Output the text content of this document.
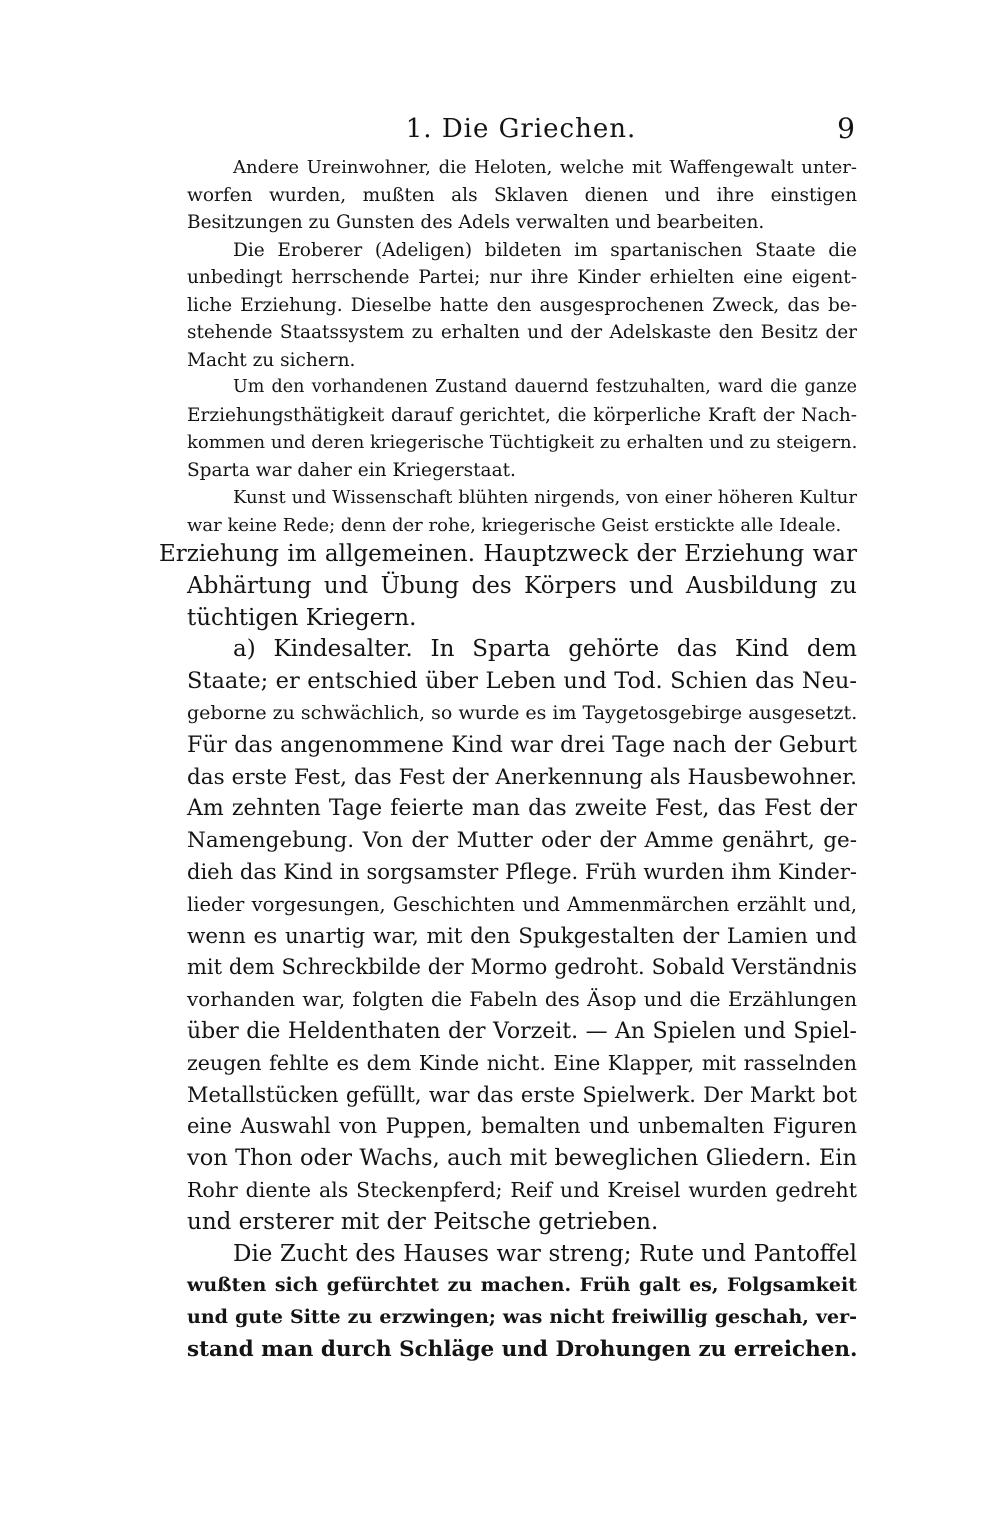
1. Die Griechen.	9
Andere Ureinwohner, die Heloten, welche mit Waffengewalt unter-
worfen wurden, mußten als Sklaven dienen und ihre einstigen
Besitzungen zu Gunsten des Adels verwalten und bearbeiten.
Die Eroberer (Adeligen) bildeten im spartanischen Staate die
unbedingt herrschende Partei; nur ihre Kinder erhielten eine eigent-
liche Erziehung. Dieselbe hatte den ausgesprochenen Zweck, das be-
stehende Staatssystem zu erhalten und der Adelskaste den Besitz der
Macht zu sichern.
Um den vorhandenen Zustand dauernd festzuhalten, ward die ganze
Erziehungsthätigkeit darauf gerichtet, die körperliche Kraft der Nach-
kommen und deren kriegerische Tüchtigkeit zu erhalten und zu steigern.
Sparta war daher ein Kriegerstaat.
Kunst und Wissenschaft blühten nirgends, von einer höheren Kultur
war keine Rede; denn der rohe, kriegerische Geist erstickte alle Ideale.
Erziehung im allgemeinen. Hauptzweck der Erziehung war
Abhärtung und Übung des Körpers und Ausbildung zu
tüchtigen Kriegern.
a) Kindesalter. In Sparta gehörte das Kind dem
Staate; er entschied über Leben und Tod. Schien das Neu-
geborne zu schwächlich, so wurde es im Taygetosgebirge ausgesetzt.
Für das angenommene Kind war drei Tage nach der Geburt
das erste Fest, das Fest der Anerkennung als Hausbewohner.
Am zehnten Tage feierte man das zweite Fest, das Fest der
Namengebung. Von der Mutter oder der Amme genährt, ge-
dieh das Kind in sorgsamster Pflege. Früh wurden ihm Kinder-
lieder vorgesungen, Geschichten und Ammenmärchen erzählt und,
wenn es unartig war, mit den Spukgestalten der Lamien und
mit dem Schreckbilde der Mormo gedroht. Sobald Verständnis
vorhanden war, folgten die Fabeln des Äsop und die Erzählungen
über die Heldenthaten der Vorzeit. — An Spielen und Spiel-
zeugen fehlte es dem Kinde nicht. Eine Klapper, mit rasselnden
Metallstücken gefüllt, war das erste Spielwerk. Der Markt bot
eine Auswahl von Puppen, bemalten und unbemalten Figuren
von Thon oder Wachs, auch mit beweglichen Gliedern. Ein
Rohr diente als Steckenpferd; Reif und Kreisel wurden gedreht
und ersterer mit der Peitsche getrieben.
Die Zucht des Hauses war streng; Rute und Pantoffel
wußten sich gefürchtet zu machen. Früh galt es, Folgsamkeit
und gute Sitte zu erzwingen; was nicht freiwillig geschah, ver-
stand man durch Schläge und Drohungen zu erreichen.
